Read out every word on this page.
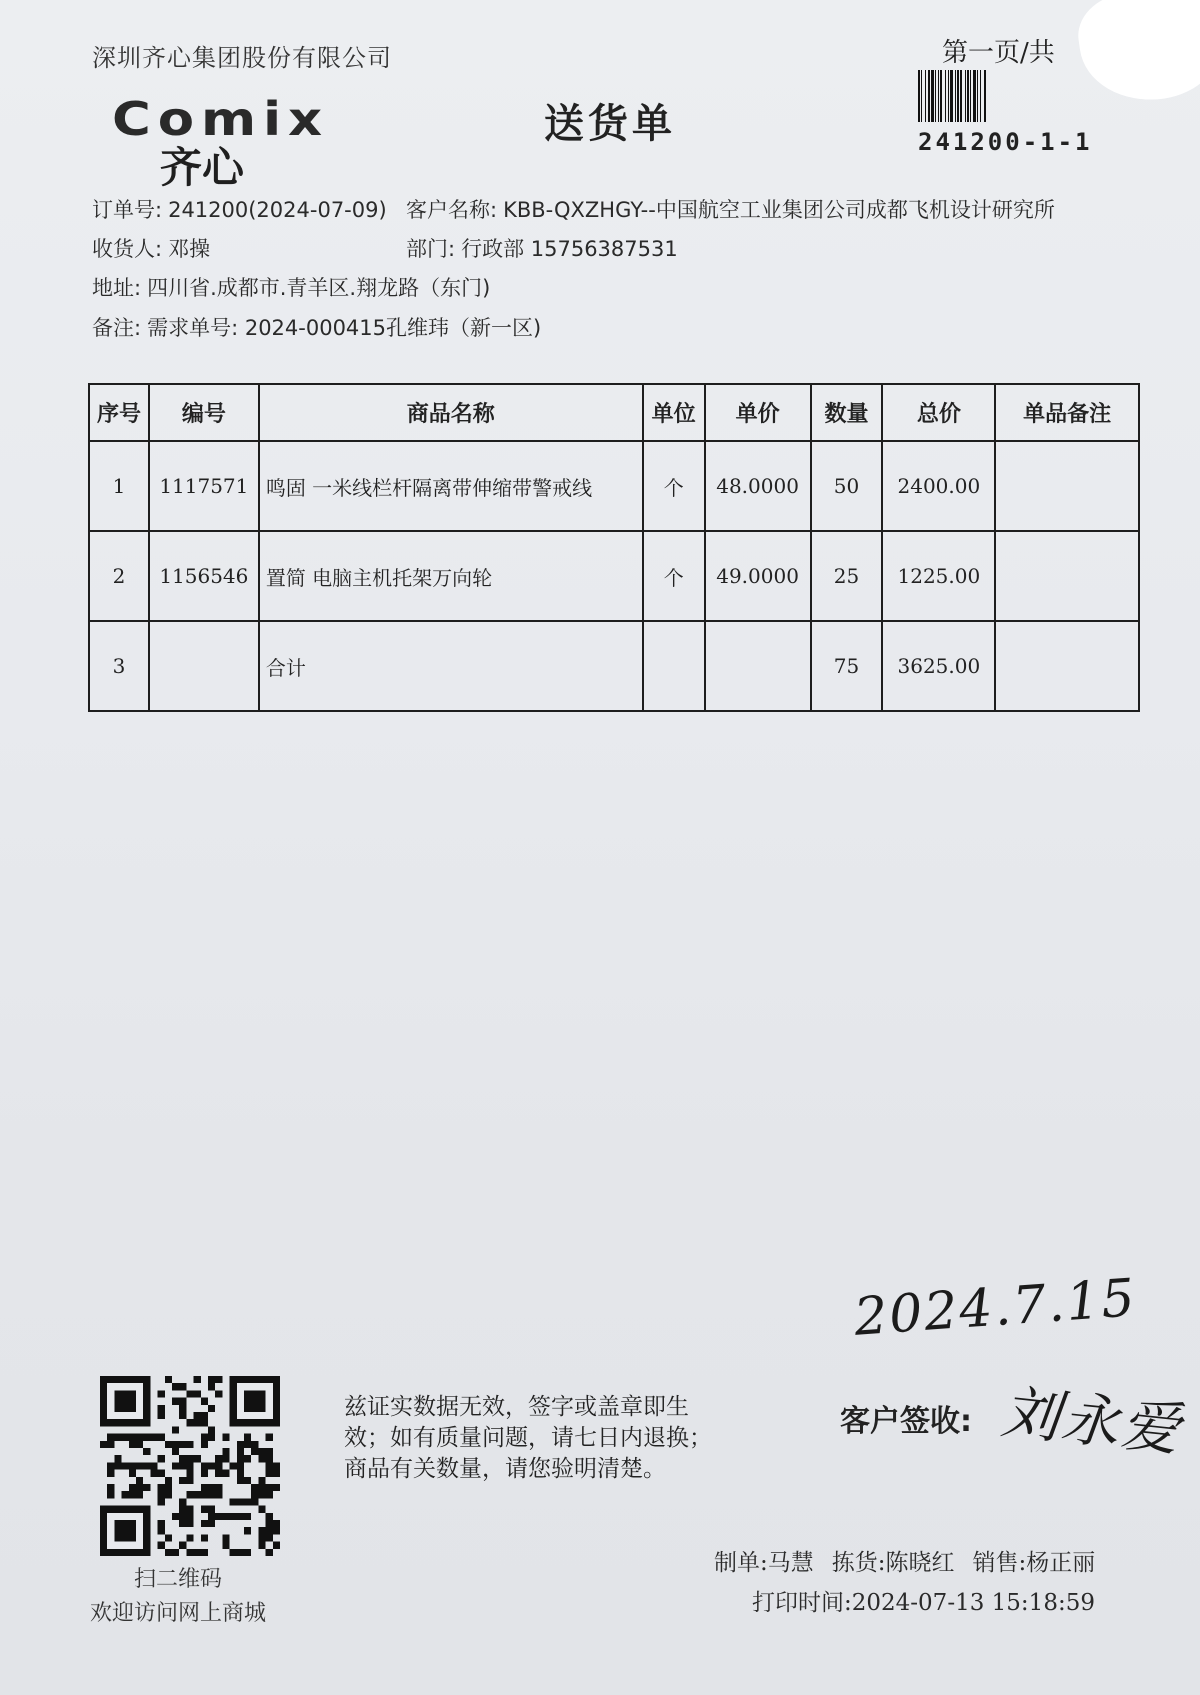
深圳齐心集团股份有限公司	第一页/共
Comix
齐心
送货单	241200-1-1
订单号: 241200(2024-07-09) 客户名称: KBB-QXZHGY--中国航空工业集团公司成都飞机设计研究所
收货人: 邓操	部门: 行政部 15756387531
地址: 四川省.成都市.青羊区.翔龙路（东门)
备注: 需求单号: 2024-000415孔维玮（新一区)
序号	编号	商品名称	单位	单价	数量	总价	单品备注
1	1117571	鸣固 一米线栏杆隔离带伸缩带警戒线	个	48.0000	50	2400.00	
2	1156546	置简 电脑主机托架万向轮	个	49.0000	25	1225.00	
3		合计			75	3625.00	
扫二维码
欢迎访问网上商城
兹证实数据无效，签字或盖章即生
效；如有质量问题，请七日内退换；
商品有关数量，请您验明清楚。
2024.7.15
客户签收: 刘永爱
制单:马慧 拣货:陈晓红 销售:杨正丽
打印时间:2024-07-13 15:18:59
